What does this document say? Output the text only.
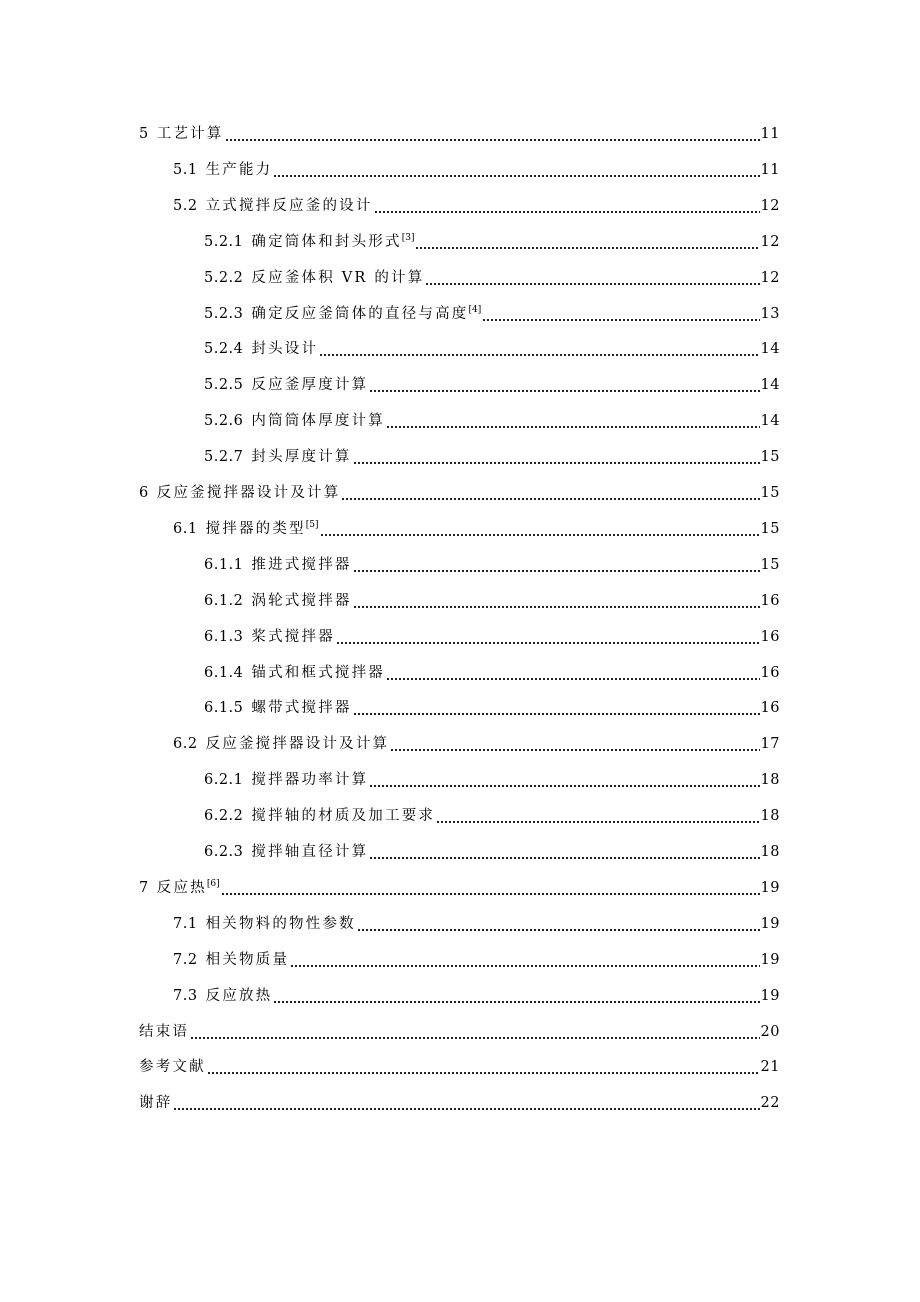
5 工艺计算	11
5.1 生产能力	11
5.2 立式搅拌反应釜的设计	12
5.2.1 确定筒体和封头形式[3]	12
5.2.2 反应釜体积 VR 的计算	12
5.2.3 确定反应釜筒体的直径与高度[4]	13
5.2.4 封头设计	14
5.2.5 反应釜厚度计算	14
5.2.6 内筒筒体厚度计算	14
5.2.7 封头厚度计算	15
6 反应釜搅拌器设计及计算	15
6.1 搅拌器的类型[5]	15
6.1.1 推进式搅拌器	15
6.1.2 涡轮式搅拌器	16
6.1.3 桨式搅拌器	16
6.1.4 锚式和框式搅拌器	16
6.1.5 螺带式搅拌器	16
6.2 反应釜搅拌器设计及计算	17
6.2.1 搅拌器功率计算	18
6.2.2 搅拌轴的材质及加工要求	18
6.2.3 搅拌轴直径计算	18
7 反应热[6]	19
7.1 相关物料的物性参数	19
7.2 相关物质量	19
7.3 反应放热	19
结束语	20
参考文献	21
谢辞	22
